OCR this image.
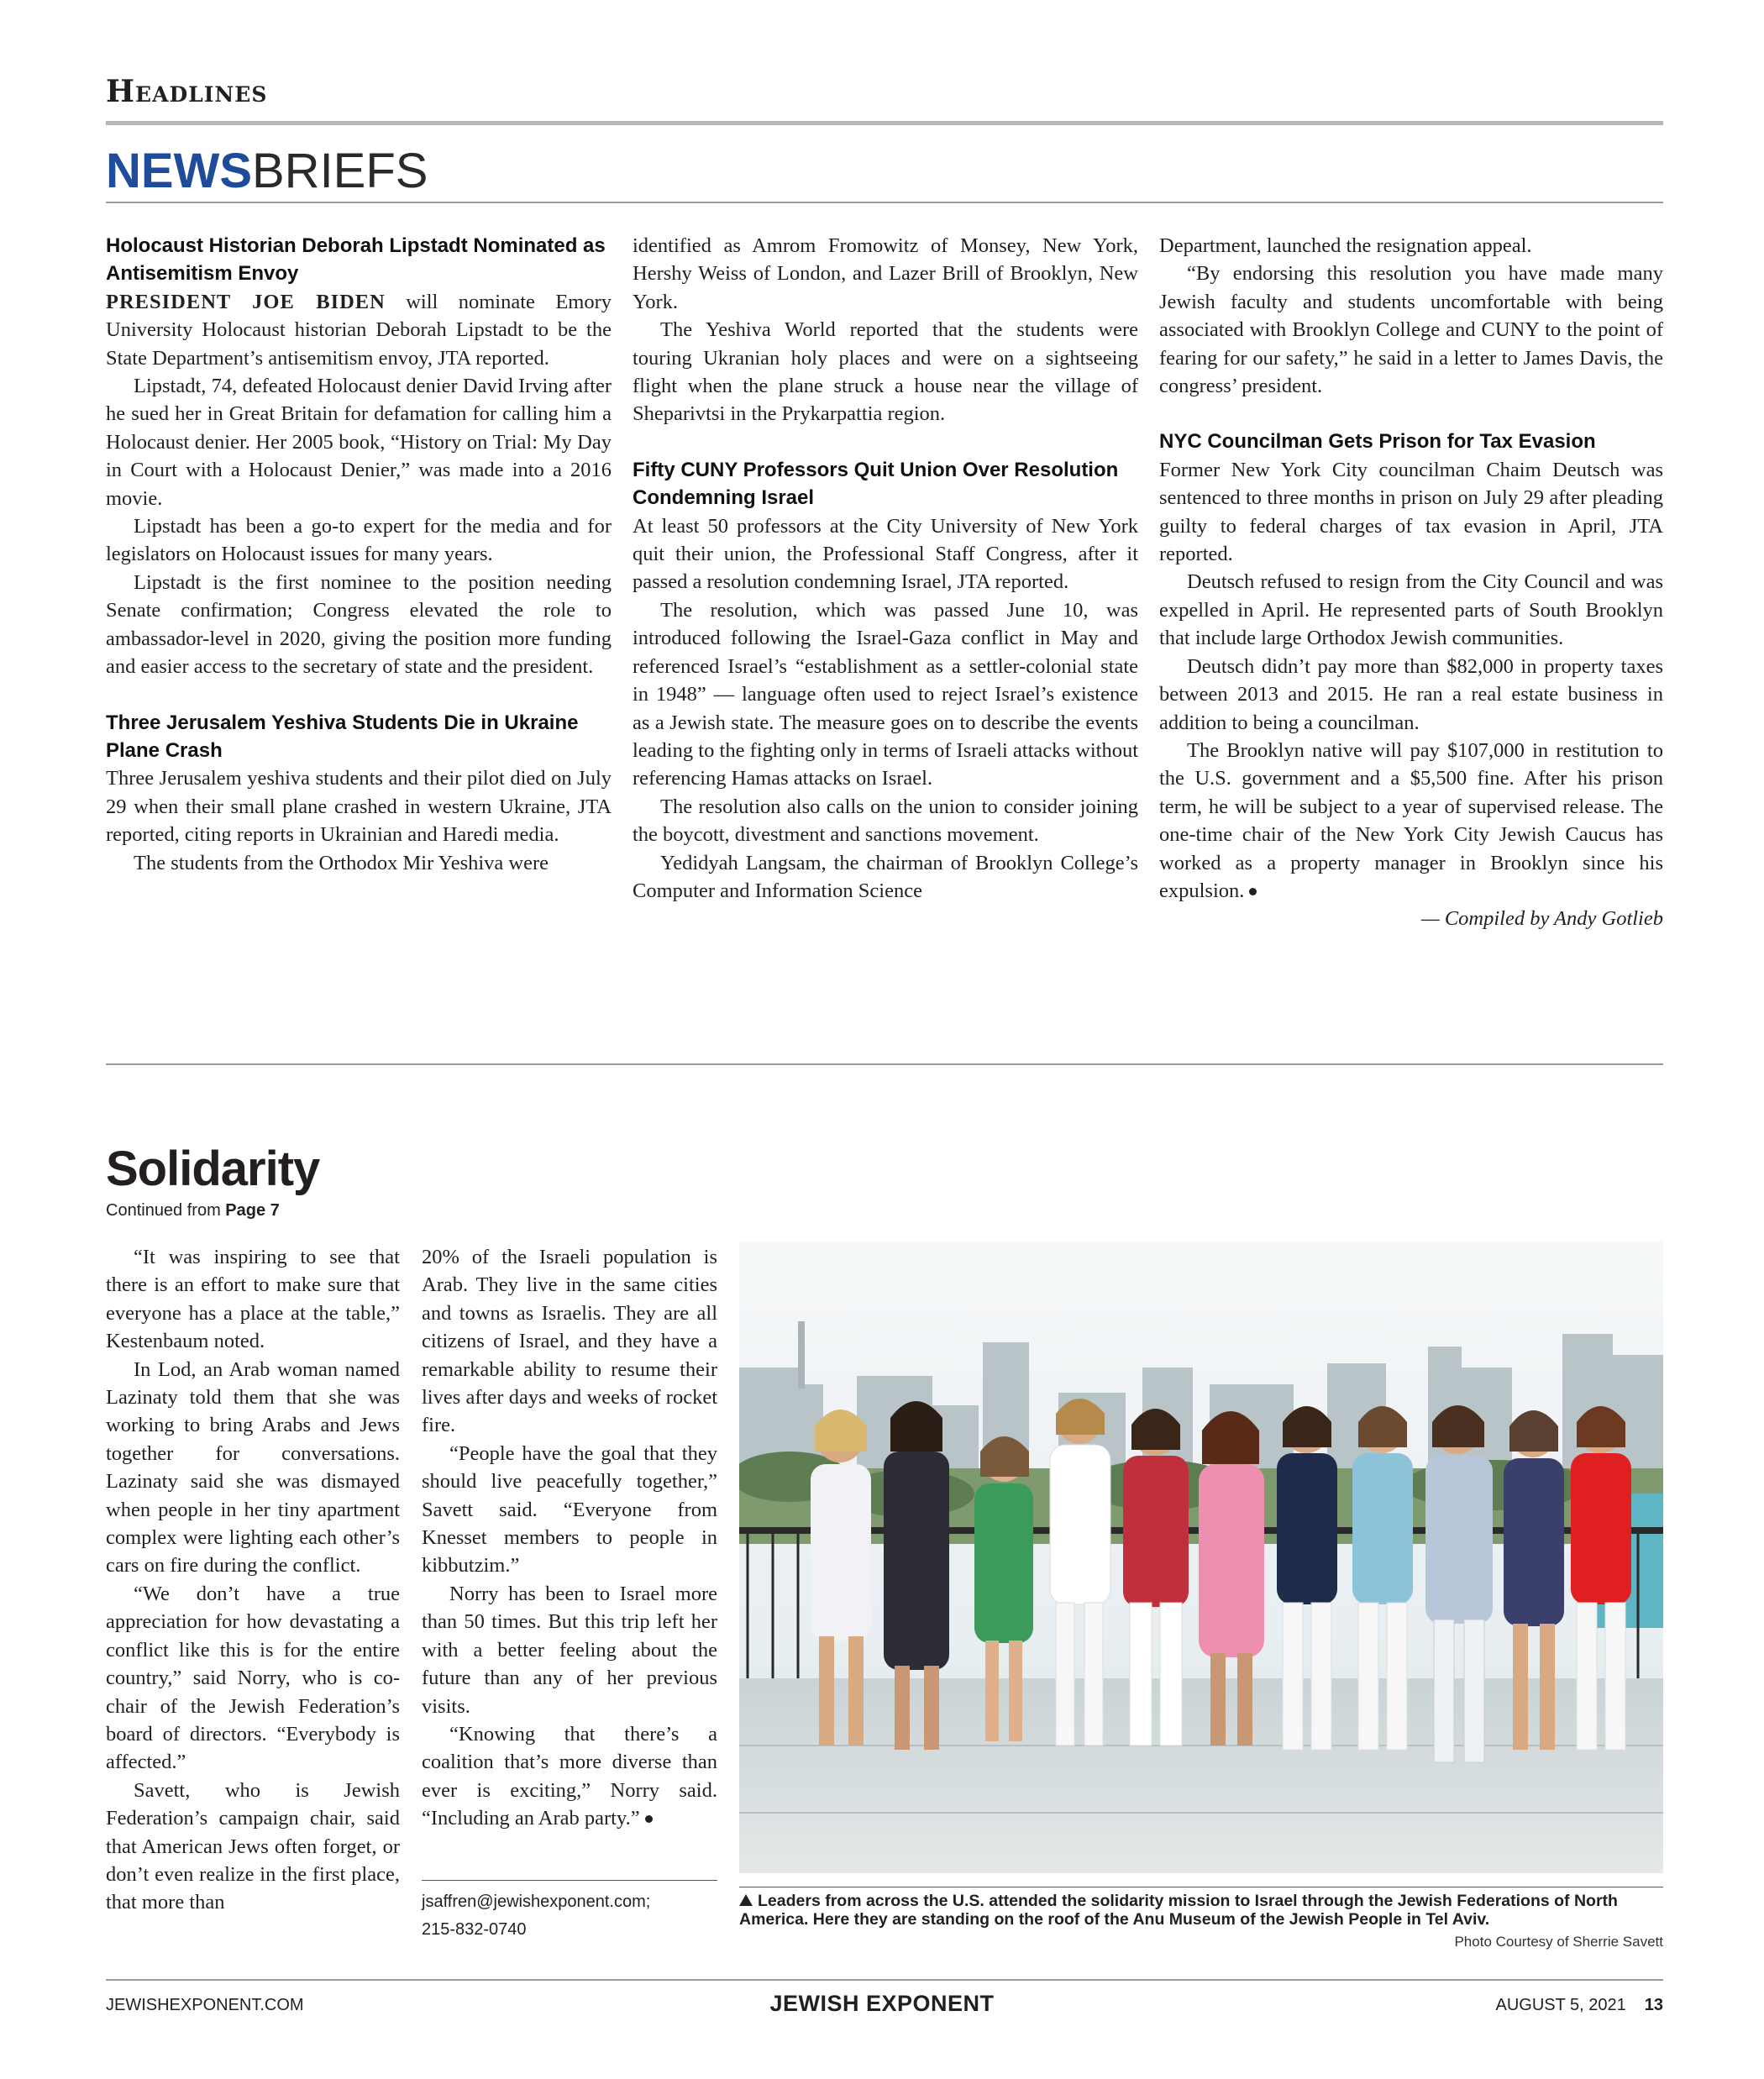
Headlines
NEWSBRIEFS
Holocaust Historian Deborah Lipstadt Nominated as Antisemitism Envoy

PRESIDENT JOE BIDEN will nominate Emory University Holocaust historian Deborah Lipstadt to be the State Department’s antisemitism envoy, JTA reported.

Lipstadt, 74, defeated Holocaust denier David Irving after he sued her in Great Britain for defamation for calling him a Holocaust denier. Her 2005 book, “History on Trial: My Day in Court with a Holocaust Denier,” was made into a 2016 movie.

Lipstadt has been a go-to expert for the media and for legislators on Holocaust issues for many years.

Lipstadt is the first nominee to the position needing Senate confirmation; Congress elevated the role to ambassador-level in 2020, giving the position more funding and easier access to the secretary of state and the president.

Three Jerusalem Yeshiva Students Die in Ukraine Plane Crash

Three Jerusalem yeshiva students and their pilot died on July 29 when their small plane crashed in western Ukraine, JTA reported, citing reports in Ukrainian and Haredi media.

The students from the Orthodox Mir Yeshiva were

identified as Amrom Fromowitz of Monsey, New York, Hershy Weiss of London, and Lazer Brill of Brooklyn, New York.

The Yeshiva World reported that the students were touring Ukranian holy places and were on a sightseeing flight when the plane struck a house near the village of Sheparivtsi in the Prykarpattia region.

Fifty CUNY Professors Quit Union Over Resolution Condemning Israel

At least 50 professors at the City University of New York quit their union, the Professional Staff Congress, after it passed a resolution condemning Israel, JTA reported.

The resolution, which was passed June 10, was introduced following the Israel-Gaza conflict in May and referenced Israel’s “establishment as a settler-colonial state in 1948” — language often used to reject Israel’s existence as a Jewish state. The measure goes on to describe the events leading to the fighting only in terms of Israeli attacks without referencing Hamas attacks on Israel.

The resolution also calls on the union to consider joining the boycott, divestment and sanctions movement.

Yedidyah Langsam, the chairman of Brooklyn College’s Computer and Information Science

Department, launched the resignation appeal.

“By endorsing this resolution you have made many Jewish faculty and students uncomfortable with being associated with Brooklyn College and CUNY to the point of fearing for our safety,” he said in a letter to James Davis, the congress’ president.

NYC Councilman Gets Prison for Tax Evasion

Former New York City councilman Chaim Deutsch was sentenced to three months in prison on July 29 after pleading guilty to federal charges of tax evasion in April, JTA reported.

Deutsch refused to resign from the City Council and was expelled in April. He represented parts of South Brooklyn that include large Orthodox Jewish communities.

Deutsch didn’t pay more than $82,000 in property taxes between 2013 and 2015. He ran a real estate business in addition to being a councilman.

The Brooklyn native will pay $107,000 in restitution to the U.S. government and a $5,500 fine. After his prison term, he will be subject to a year of supervised release. The one-time chair of the New York City Jewish Caucus has worked as a property manager in Brooklyn since his expulsion.

— Compiled by Andy Gotlieb

Solidarity
Continued from Page 7

“It was inspiring to see that there is an effort to make sure that everyone has a place at the table,” Kestenbaum noted.

In Lod, an Arab woman named Lazinaty told them that she was working to bring Arabs and Jews together for conversations. Lazinaty said she was dismayed when people in her tiny apartment complex were lighting each other’s cars on fire during the conflict.

“We don’t have a true appreciation for how devastating a conflict like this is for the entire country,” said Norry, who is co-chair of the Jewish Federation’s board of directors. “Everybody is affected.”

Savett, who is Jewish Federation’s campaign chair, said that American Jews often forget, or don’t even realize in the first place, that more than

20% of the Israeli population is Arab. They live in the same cities and towns as Israelis. They are all citizens of Israel, and they have a remarkable ability to resume their lives after days and weeks of rocket fire.

“People have the goal that they should live peacefully together,” Savett said. “Everyone from Knesset members to people in kibbutzim.”

Norry has been to Israel more than 50 times. But this trip left her with a better feeling about the future than any of her previous visits.

“Knowing that there’s a coalition that’s more diverse than ever is exciting,” Norry said. “Including an Arab party.”

jsaffren@jewishexponent.com;
215-832-0740
Leaders from across the U.S. attended the solidarity mission to Israel through the Jewish Federations of North America. Here they are standing on the roof of the Anu Museum of the Jewish People in Tel Aviv.
Photo Courtesy of Sherrie Savett
JEWISHEXPONENT.COM	JEWISH EXPONENT	AUGUST 5, 2021 13
